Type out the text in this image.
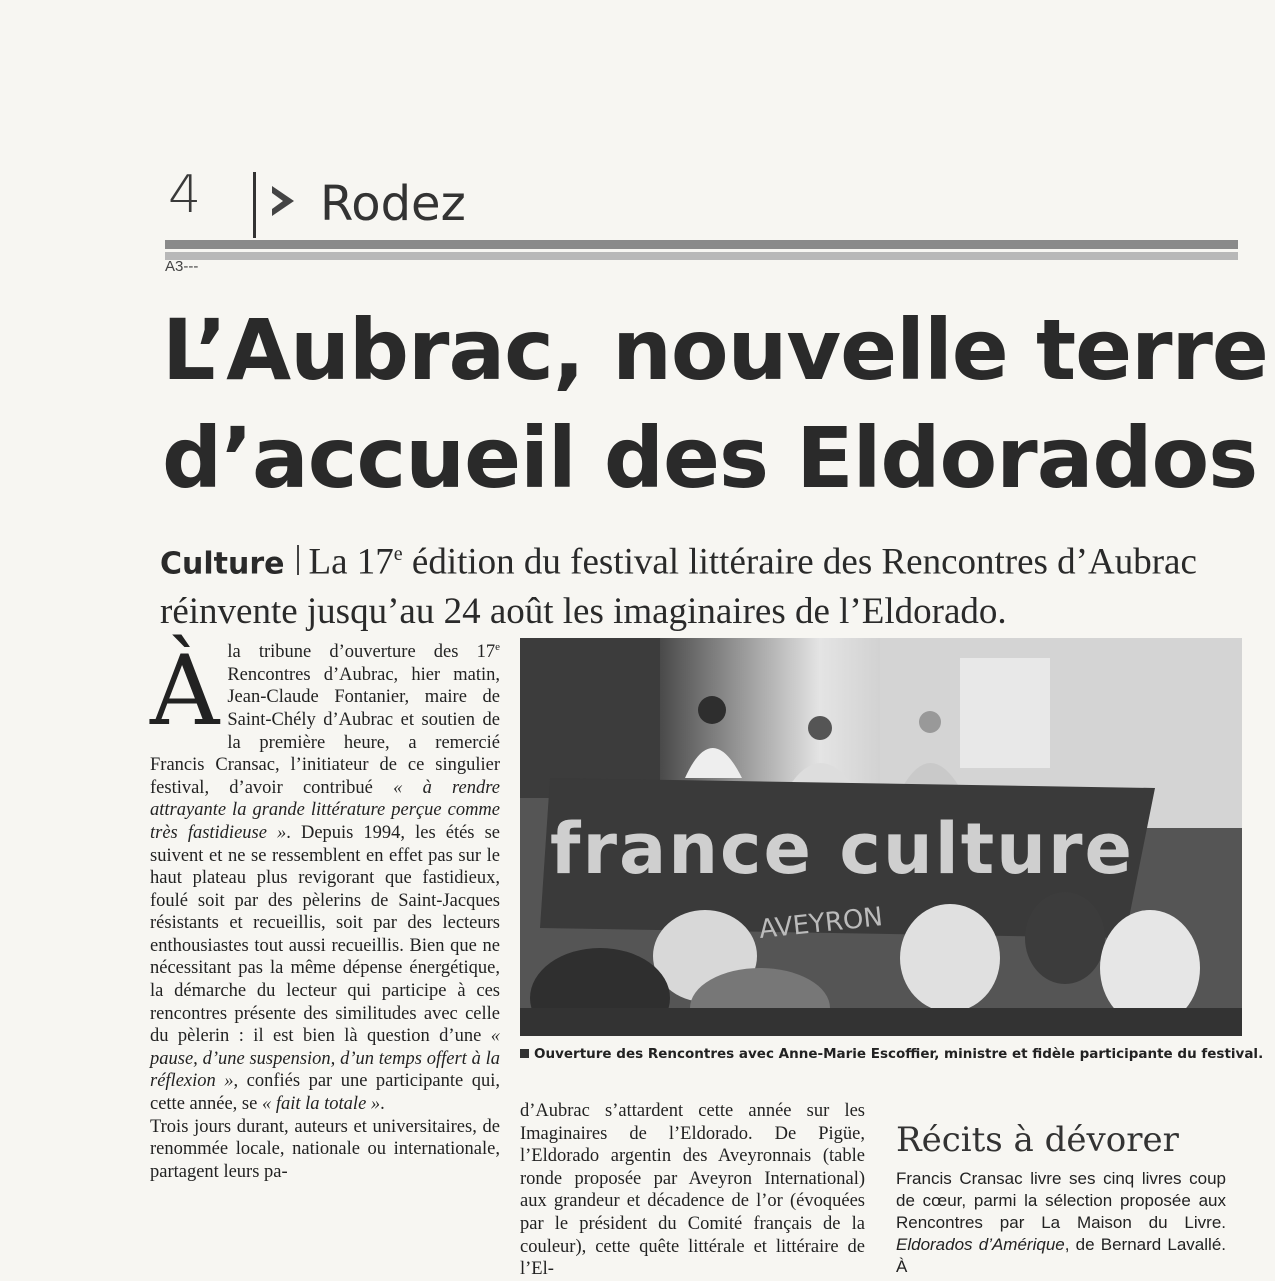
4 Rodez
A3---
L’Aubrac, nouvelle terre
d’accueil des Eldorados
Culture La 17e édition du festival littéraire des Rencontres d’Aubrac réinvente jusqu’au 24 août les imaginaires de l’Eldorado.
france culture
AVEYRON
Ouverture des Rencontres avec Anne-Marie Escoffier, ministre et fidèle participante du festival.

À la tribune d’ouverture des 17e Rencontres d’Aubrac, hier matin, Jean-Claude Fontanier, maire de Saint-Chély d’Aubrac et soutien de la première heure, a remercié Francis Cransac, l’initiateur de ce singulier festival, d’avoir contribué « à rendre attrayante la grande littérature perçue comme très fastidieuse ». Depuis 1994, les étés se suivent et ne se ressemblent en effet pas sur le haut plateau plus revigorant que fastidieux, foulé soit par des pèlerins de Saint-Jacques résistants et recueillis, soit par des lecteurs enthousiastes tout aussi recueillis. Bien que ne nécessitant pas la même dépense énergétique, la démarche du lecteur qui participe à ces rencontres présente des similitudes avec celle du pèlerin : il est bien là question d’une « pause, d’une suspension, d’un temps offert à la réflexion », confiés par une participante qui, cette année, se « fait la totale ».

Trois jours durant, auteurs et universitaires, de renommée locale, nationale ou internationale, partagent leurs pa-

d’Aubrac s’attardent cette année sur les Imaginaires de l’Eldorado. De Pigüe, l’Eldorado argentin des Aveyronnais (table ronde proposée par Aveyron International) aux grandeur et décadence de l’or (évoquées par le président du Comité français de la couleur), cette quête littérale et littéraire de l’El-

Récits à dévorer
Francis Cransac livre ses cinq livres coup de cœur, parmi la sélection proposée aux Rencontres par La Maison du Livre. Eldorados d’Amérique, de Bernard Lavallé. À
